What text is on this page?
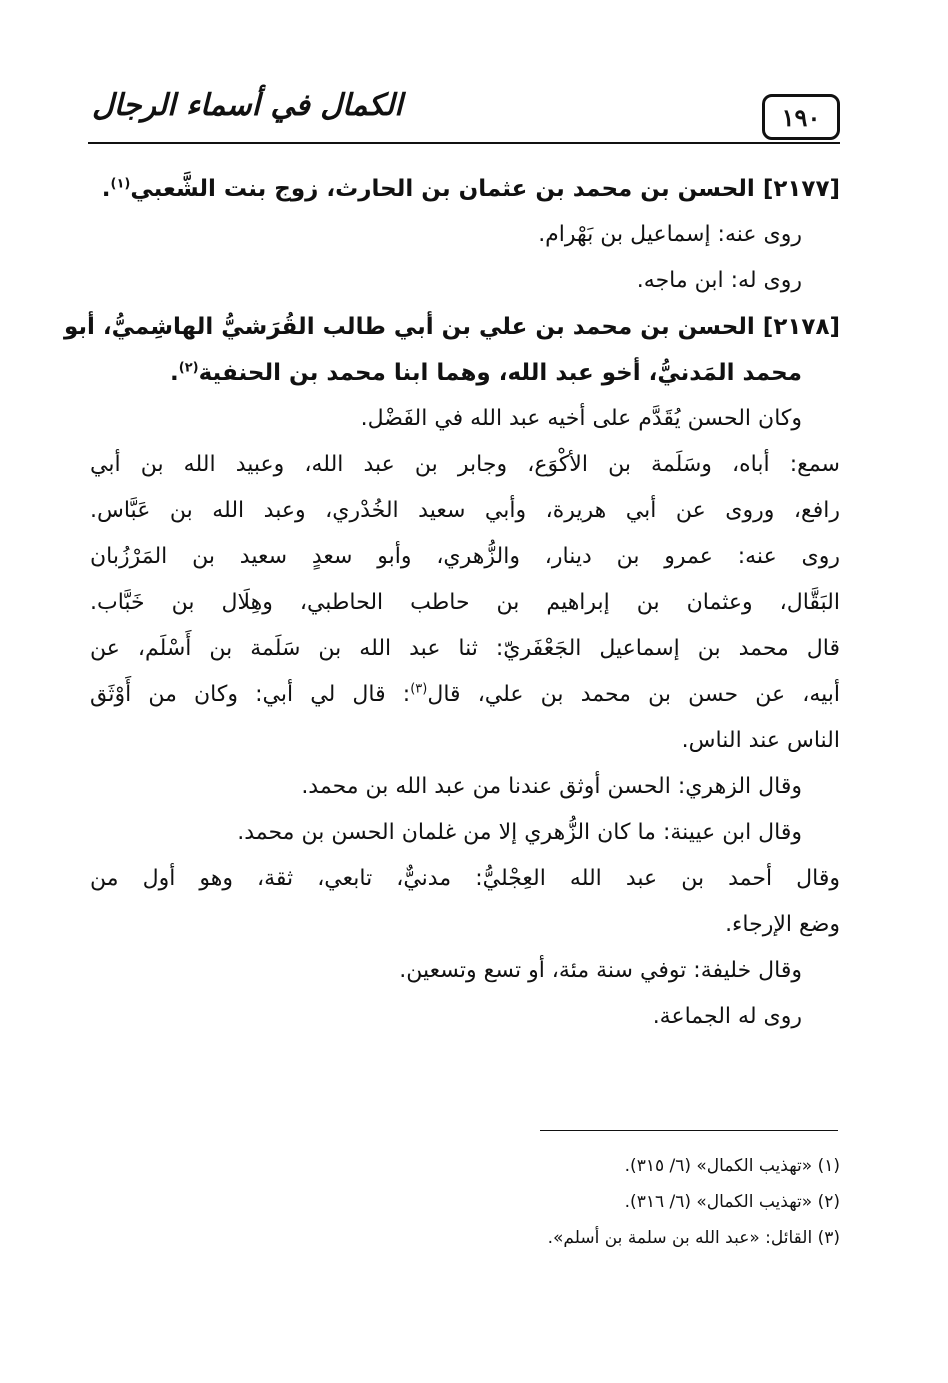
الكمال في أسماء الرجال	١٩٠
[٢١٧٧] الحسن بن محمد بن عثمان بن الحارث، زوج بنت الشَّعبي$^{(١)}$.
روى عنه: إسماعيل بن بَهْرام.
روى له: ابن ماجه.
[٢١٧٨] الحسن بن محمد بن علي بن أبي طالب القُرَشيُّ الهاشِميُّ، أبو
محمد المَدنيُّ، أخو عبد الله، وهما ابنا محمد بن الحنفية$^{(٢)}$.
وكان الحسن يُقَدَّم على أخيه عبد الله في الفَضْل.
سمع: أباه، وسَلَمة بن الأكْوَع، وجابر بن عبد الله، وعبيد الله بن أبي
رافع، وروى عن أبي هريرة، وأبي سعيد الخُدْري، وعبد الله بن عَبَّاس.
روى عنه: عمرو بن دينار، والزُّهري، وأبو سعدٍ سعيد بن المَرْزُبان
البَقَّال، وعثمان بن إبراهيم بن حاطب الحاطبي، وهِلَال بن خَبَّاب.
قال محمد بن إسماعيل الجَعْفَريّ: ثنا عبد الله بن سَلَمة بن أَسْلَم، عن
أبيه، عن حسن بن محمد بن علي، قال$^{(٣)}$: قال لي أبي: وكان من أَوْثَق
الناس عند الناس.
وقال الزهري: الحسن أوثق عندنا من عبد الله بن محمد.
وقال ابن عيينة: ما كان الزُّهري إلا من غلمان الحسن بن محمد.
وقال أحمد بن عبد الله العِجْليُّ: مدنيٌّ، تابعي، ثقة، وهو أول من
وضع الإرجاء.
وقال خليفة: توفي سنة مئة، أو تسع وتسعين.
روى له الجماعة.
(١) «تهذيب الكمال» (٦/ ٣١٥).
(٢) «تهذيب الكمال» (٦/ ٣١٦).
(٣) القائل: «عبد الله بن سلمة بن أسلم».
